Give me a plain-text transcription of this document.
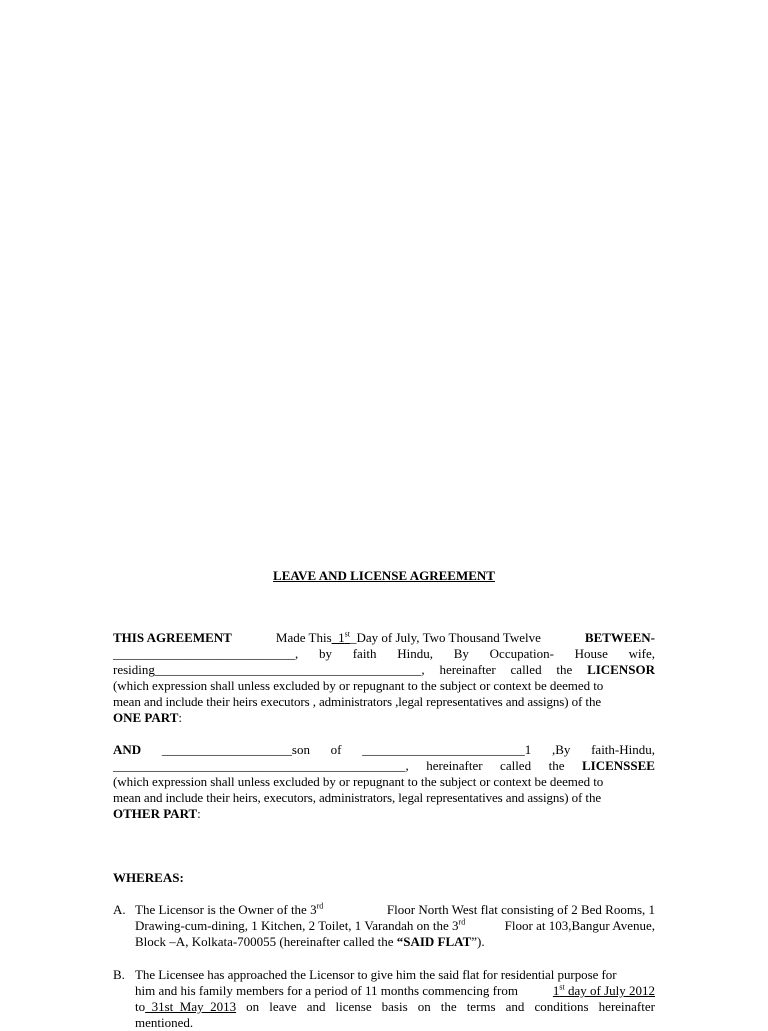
LEAVE AND LICENSE AGREEMENT
THIS AGREEMENT	Made This_1st_Day of July, Two Thousand Twelve	BETWEEN-
____________________________, by faith Hindu, By Occupation- House wife,
residing_________________________________________, hereinafter called the LICENSOR
(which expression shall unless excluded by or repugnant to the subject or context be deemed to
mean and include their heirs executors , administrators ,legal representatives and assigns) of the
ONE PART:
AND ____________________son of _________________________1 ,By faith-Hindu,
_____________________________________________, hereinafter called the LICENSSEE
(which expression shall unless excluded by or repugnant to the subject or context be deemed to
mean and include their heirs, executors, administrators, legal representatives and assigns) of the
OTHER PART:
WHEREAS:
A. The Licensor is the Owner of the 3rd	Floor North West flat consisting of 2 Bed Rooms, 1
Drawing-cum-dining, 1 Kitchen, 2 Toilet, 1 Varandah on the 3rd	Floor at 103,Bangur Avenue,
Block –A, Kolkata-700055 (hereinafter called the “SAID FLAT”).
B. The Licensee has approached the Licensor to give him the said flat for residential purpose for
him and his family members for a period of 11 months commencing from	1st day of July 2012
to  31st  May  2013 on leave and license basis on the terms and conditions hereinafter
mentioned.
